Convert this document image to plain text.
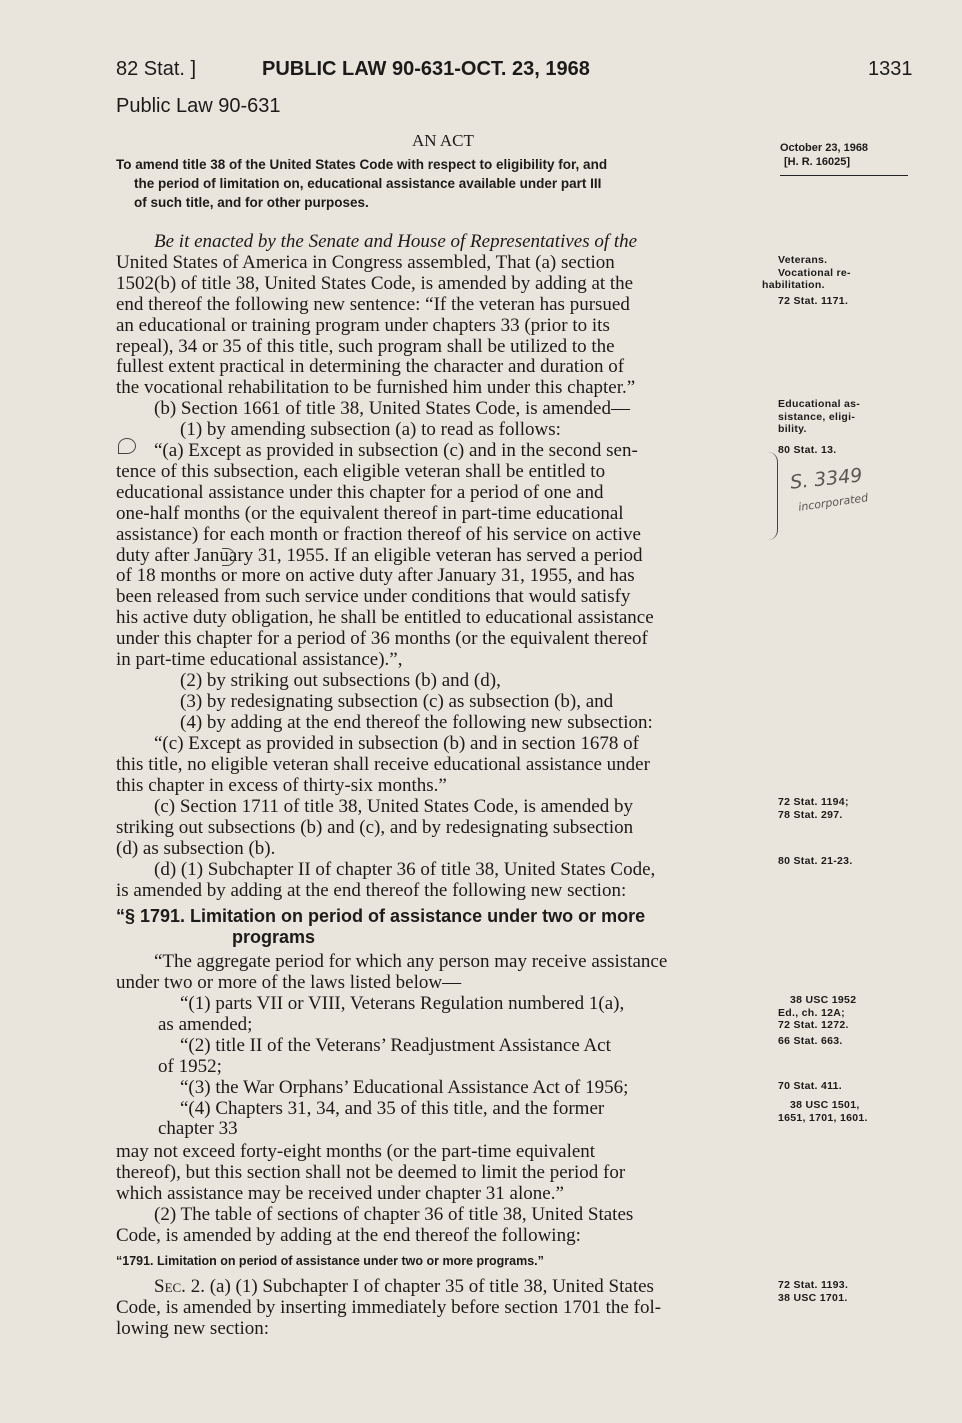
82 Stat. ]	PUBLIC LAW 90-631-OCT. 23, 1968	1331
Public Law 90-631
AN ACT
To amend title 38 of the United States Code with respect to eligibility for, and
the period of limitation on, educational assistance available under part III
of such title, and for other purposes.
October 23, 1968
[H. R. 16025]
Be it enacted by the Senate and House of Representatives of the
United States of America in Congress assembled, That (a) section
1502(b) of title 38, United States Code, is amended by adding at the
end thereof the following new sentence: “If the veteran has pursued
an educational or training program under chapters 33 (prior to its
repeal), 34 or 35 of this title, such program shall be utilized to the
fullest extent practical in determining the character and duration of
the vocational rehabilitation to be furnished him under this chapter.”
(b) Section 1661 of title 38, United States Code, is amended—
(1) by amending subsection (a) to read as follows:
“(a) Except as provided in subsection (c) and in the second sen-
tence of this subsection, each eligible veteran shall be entitled to
educational assistance under this chapter for a period of one and
one-half months (or the equivalent thereof in part-time educational
assistance) for each month or fraction thereof of his service on active
duty after January 31, 1955. If an eligible veteran has served a period
of 18 months or more on active duty after January 31, 1955, and has
been released from such service under conditions that would satisfy
his active duty obligation, he shall be entitled to educational assistance
under this chapter for a period of 36 months (or the equivalent thereof
in part-time educational assistance).”,
(2) by striking out subsections (b) and (d),
(3) by redesignating subsection (c) as subsection (b), and
(4) by adding at the end thereof the following new subsection:
“(c) Except as provided in subsection (b) and in section 1678 of
this title, no eligible veteran shall receive educational assistance under
this chapter in excess of thirty-six months.”
(c) Section 1711 of title 38, United States Code, is amended by
striking out subsections (b) and (c), and by redesignating subsection
(d) as subsection (b).
(d) (1) Subchapter II of chapter 36 of title 38, United States Code,
is amended by adding at the end thereof the following new section:
“§ 1791. Limitation on period of assistance under two or more
programs
“The aggregate period for which any person may receive assistance
under two or more of the laws listed below—
“(1) parts VII or VIII, Veterans Regulation numbered 1(a),
as amended;
“(2) title II of the Veterans’ Readjustment Assistance Act
of 1952;
“(3) the War Orphans’ Educational Assistance Act of 1956;
“(4) Chapters 31, 34, and 35 of this title, and the former
chapter 33
may not exceed forty-eight months (or the part-time equivalent
thereof), but this section shall not be deemed to limit the period for
which assistance may be received under chapter 31 alone.”
(2) The table of sections of chapter 36 of title 38, United States
Code, is amended by adding at the end thereof the following:
“1791. Limitation on period of assistance under two or more programs.”
Sec. 2. (a) (1) Subchapter I of chapter 35 of title 38, United States
Code, is amended by inserting immediately before section 1701 the fol-
lowing new section:
Veterans.
Vocational re-
habilitation.
72 Stat. 1171.
Educational as-
sistance, eligi-
bility.
80 Stat. 13.
S. 3349
incorporated
72 Stat. 1194;
78 Stat. 297.
80 Stat. 21-23.
38 USC 1952
Ed., ch. 12A;
72 Stat. 1272.
66 Stat. 663.
70 Stat. 411.
38 USC 1501,
1651, 1701, 1601.
72 Stat. 1193.
38 USC 1701.
